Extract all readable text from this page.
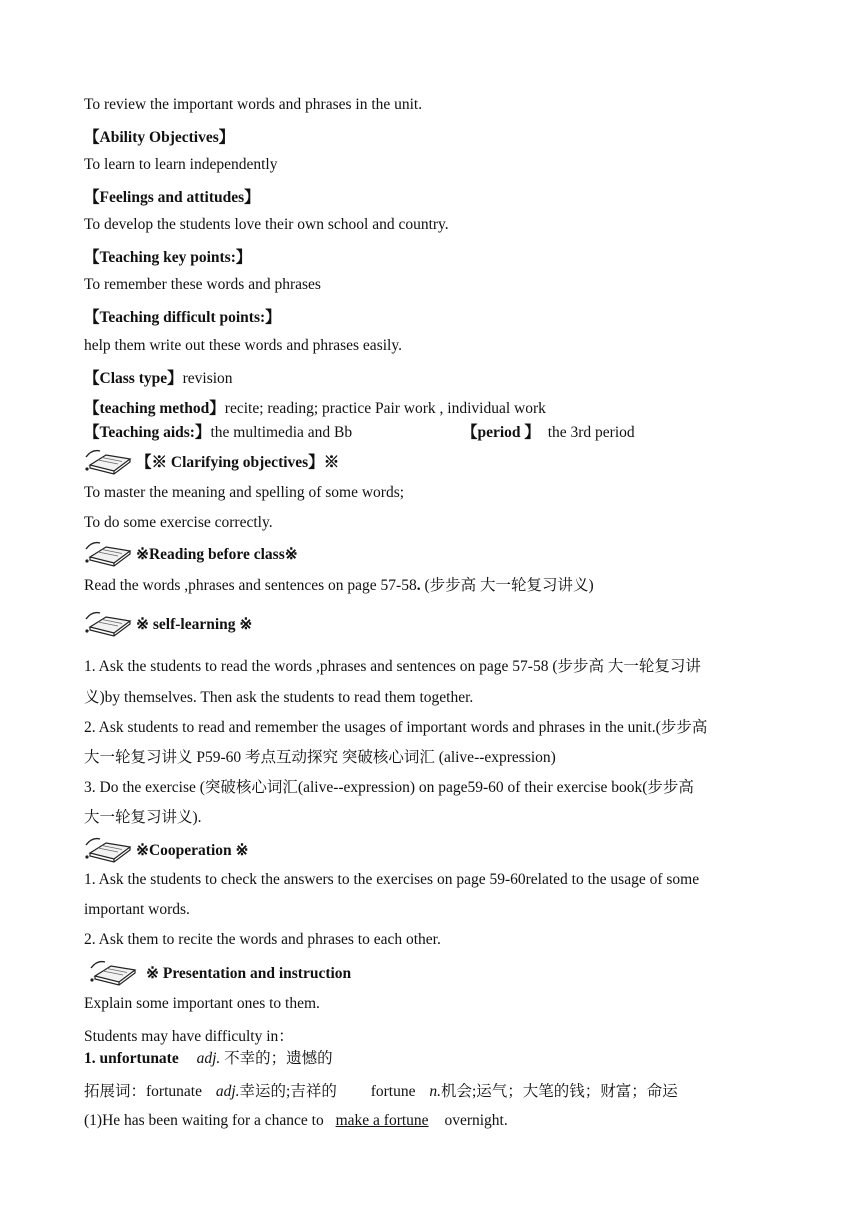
To review the important words and phrases in the unit.
【Ability Objectives】
To learn to learn independently
【Feelings and attitudes】
To develop the students love their own school and country.
【Teaching key points:】
To remember these words and phrases
【Teaching difficult points:】
help them write out these words and phrases easily.
【Class type】revision
【teaching method】recite; reading; practice Pair work , individual work
【Teaching aids:】the multimedia and Bb	【period 】 the 3rd period
【※ Clarifying objectives】※
To master the meaning and spelling of some words;
To do some exercise correctly.
※Reading before class※
Read the words ,phrases and sentences on page 57-58. (步步高 大一轮复习讲义)
※ self-learning ※
1. Ask the students to read the words ,phrases and sentences on page 57-58 (步步高 大一轮复习讲
义)by themselves. Then ask the students to read them together.
2. Ask students to read and remember the usages of important words and phrases in the unit.(步步高
大一轮复习讲义 P59-60 考点互动探究 突破核心词汇 (alive--expression)
3. Do the exercise (突破核心词汇(alive--expression) on page59-60 of their exercise book(步步高
大一轮复习讲义).
※Cooperation ※
1. Ask the students to check the answers to the exercises on page 59-60related to the usage of some
important words.
2. Ask them to recite the words and phrases to each other.
※ Presentation and instruction
Explain some important ones to them.
Students may have difficulty in：
1. unfortunate adj. 不幸的；遗憾的
拓展词：fortunate adj.幸运的;吉祥的 fortune n.机会;运气；大笔的钱；财富；命运
(1)He has been waiting for a chance to make a fortune overnight.
